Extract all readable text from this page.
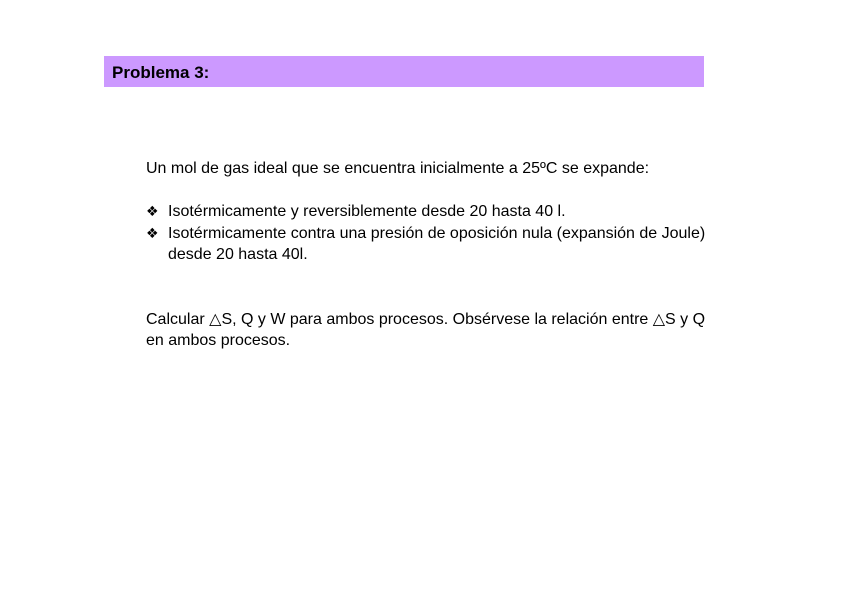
Problema 3:

Un mol de gas ideal que se encuentra inicialmente a 25ºC se expande:

❖ Isotérmicamente y reversiblemente desde 20 hasta 40 l.
❖ Isotérmicamente contra una presión de oposición nula (expansión de Joule) desde 20 hasta 40l.

Calcular △S, Q y W para ambos procesos. Obsérvese la relación entre △S y Q en ambos procesos.
